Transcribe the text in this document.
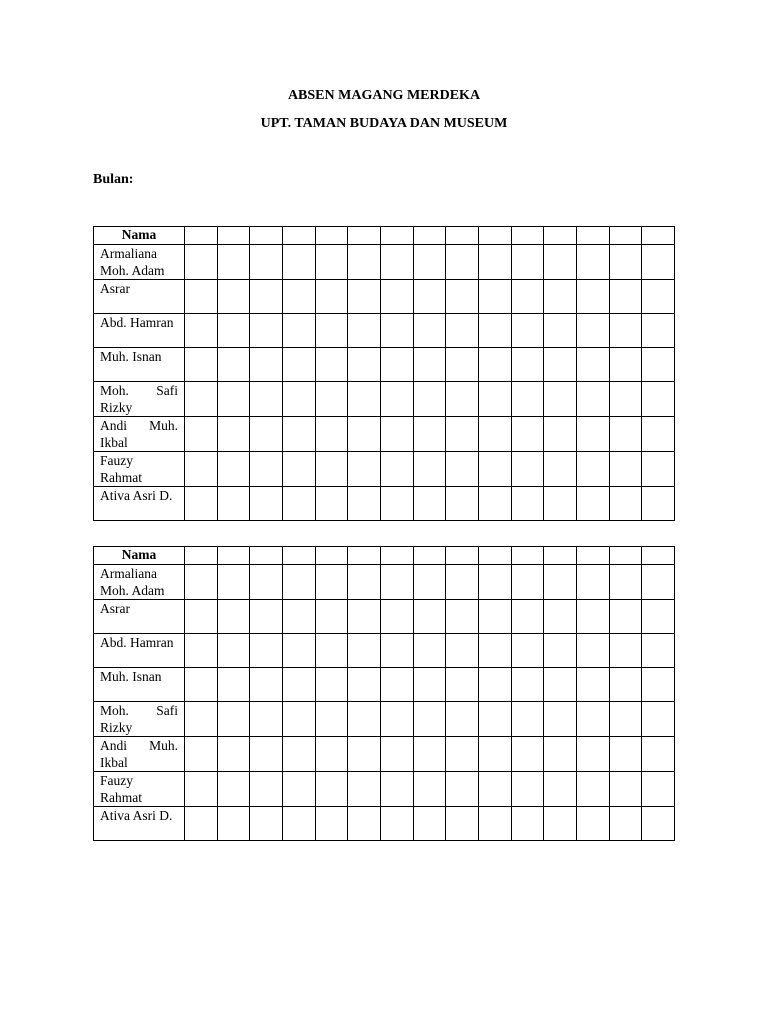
ABSEN MAGANG MERDEKA
UPT. TAMAN BUDAYA DAN MUSEUM
Bulan:
Nama															
Armaliana Moh. Adam															
Asrar															
Abd. Hamran															
Muh. Isnan															
Moh. Safi Rizky															
Andi Muh. Ikbal															
Fauzy Rahmat															
Ativa Asri D.															
Nama															
Armaliana Moh. Adam															
Asrar															
Abd. Hamran															
Muh. Isnan															
Moh. Safi Rizky															
Andi Muh. Ikbal															
Fauzy Rahmat															
Ativa Asri D.															
